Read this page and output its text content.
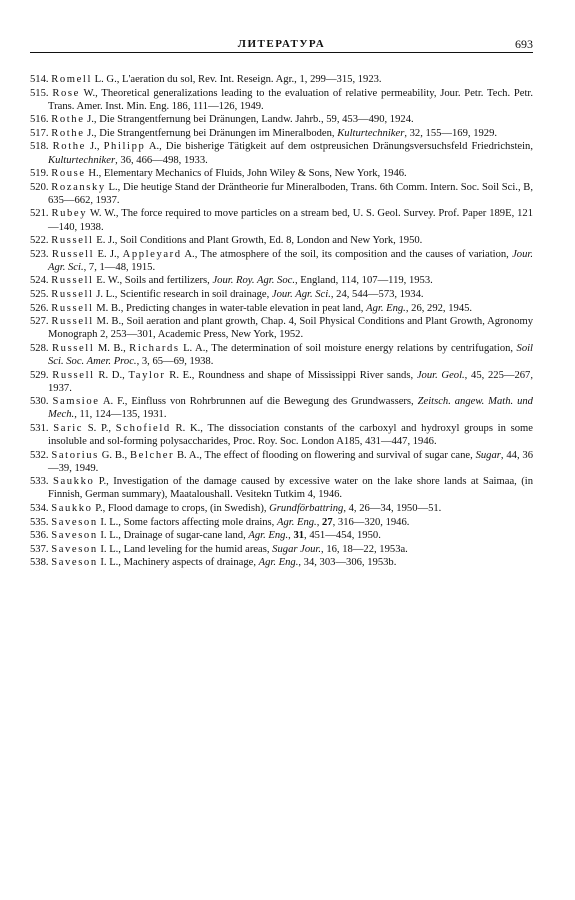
ЛИТЕРАТУРА	693
514. Romell L. G., L'aeration du sol, Rev. Int. Reseign. Agr., 1, 299—315, 1923.
515. Rose W., Theoretical generalizations leading to the evaluation of relative permeability, Jour. Petr. Tech. Petr. Trans. Amer. Inst. Min. Eng. 186, 111—126, 1949.
516. Rothe J., Die Strangentfernung bei Dränungen, Landw. Jahrb., 59, 453—490, 1924.
517. Rothe J., Die Strangentfernung bei Dränungen im Mineralboden, Kulturtechniker, 32, 155—169, 1929.
518. Rothe J., Philipp A., Die bisherige Tätigkeit auf dem ostpreusichen Dränungsversuchsfeld Friedrichstein, Kulturtechniker, 36, 466—498, 1933.
519. Rouse H., Elementary Mechanics of Fluids, John Wiley & Sons, New York, 1946.
520. Rozansky L., Die heutige Stand der Dräntheorie fur Mineralboden, Trans. 6th Comm. Intern. Soc. Soil Sci., B, 635—662, 1937.
521. Rubey W. W., The force required to move particles on a stream bed, U. S. Geol. Survey. Prof. Paper 189E, 121—140, 1938.
522. Russell E. J., Soil Conditions and Plant Growth, Ed. 8, London and New York, 1950.
523. Russell E. J., Appleyard A., The atmosphere of the soil, its composition and the causes of variation, Jour. Agr. Sci., 7, 1—48, 1915.
524. Russell E. W., Soils and fertilizers, Jour. Roy. Agr. Soc., England, 114, 107—119, 1953.
525. Russell J. L., Scientific research in soil drainage, Jour. Agr. Sci., 24, 544—573, 1934.
526. Russell M. B., Predicting changes in water-table elevation in peat land, Agr. Eng., 26, 292, 1945.
527. Russell M. B., Soil aeration and plant growth, Chap. 4, Soil Physical Conditions and Plant Growth, Agronomy Monograph 2, 253—301, Academic Press, New York, 1952.
528. Russell M. B., Richards L. A., The determination of soil moisture energy relations by centrifugation, Soil Sci. Soc. Amer. Proc., 3, 65—69, 1938.
529. Russell R. D., Taylor R. E., Roundness and shape of Mississippi River sands, Jour. Geol., 45, 225—267, 1937.
530. Samsioe A. F., Einfluss von Rohrbrunnen auf die Bewegung des Grundwassers, Zeitsch. angew. Math. und Mech., 11, 124—135, 1931.
531. Saric S. P., Schofield R. K., The dissociation constants of the carboxyl and hydroxyl groups in some insoluble and sol-forming polysaccharides, Proc. Roy. Soc. London A185, 431—447, 1946.
532. Satorius G. B., Belcher B. A., The effect of flooding on flowering and survival of sugar cane, Sugar, 44, 36—39, 1949.
533. Saukko P., Investigation of the damage caused by excessive water on the lake shore lands at Saimaa, (in Finnish, German summary), Maataloushall. Vesitekn Tutkim 4, 1946.
534. Saukko P., Flood damage to crops, (in Swedish), Grundförbattring, 4, 26—34, 1950—51.
535. Saveson I. L., Some factors affecting mole drains, Agr. Eng., 27, 316—320, 1946.
536. Saveson I. L., Drainage of sugar-cane land, Agr. Eng., 31, 451—454, 1950.
537. Saveson I. L., Land leveling for the humid areas, Sugar Jour., 16, 18—22, 1953a.
538. Saveson I. L., Machinery aspects of drainage, Agr. Eng., 34, 303—306, 1953b.
